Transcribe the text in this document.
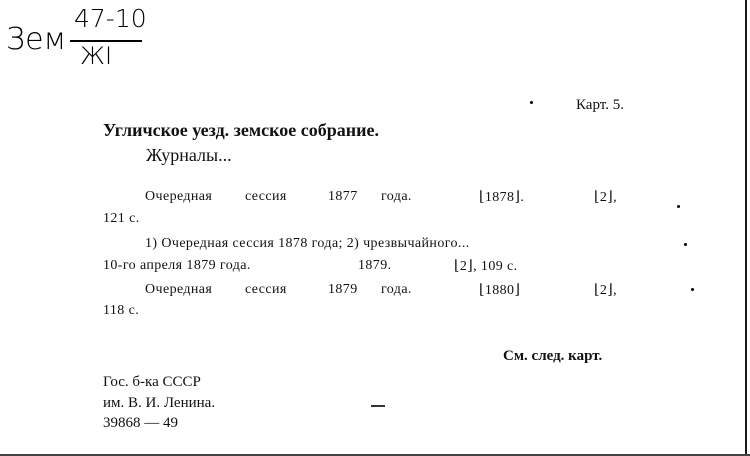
Зем
47-10
ЖI
Карт. 5.
Угличское уезд. земское собрание.
Журналы...
Очередная сессия	1877 года.	⌊1878⌋.	⌊2⌋,
121 с.
1) Очередная сессия 1878 года; 2) чрезвычайного...
10-го апреля 1879 года.	1879.	⌊2⌋, 109 с.
Очередная сессия	1879 года.	⌊1880⌋	⌊2⌋,
118 с.
См. след. карт.
Гос. б-ка СССР
им. В. И. Ленина.
39868 — 49
